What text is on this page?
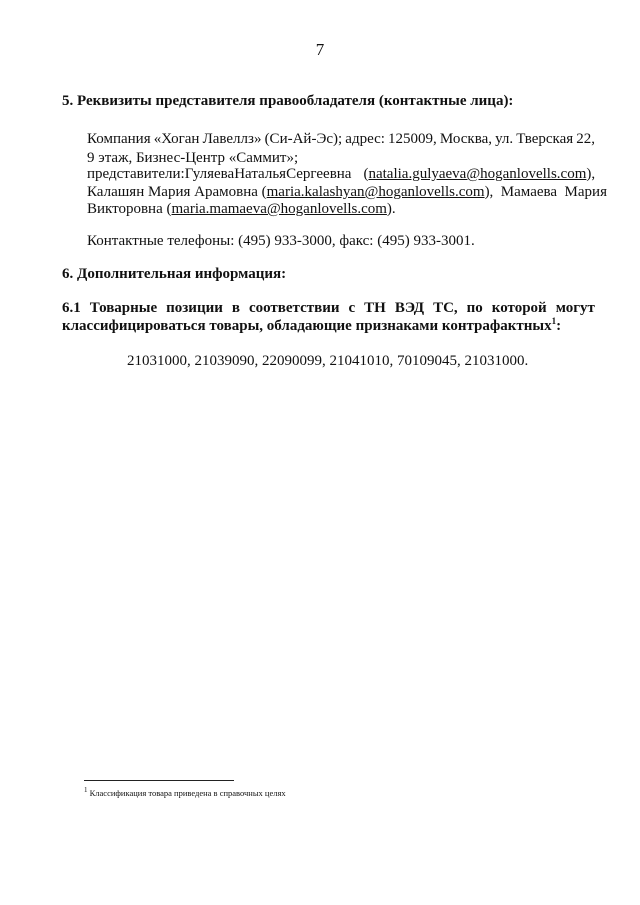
7
5. Реквизиты представителя правообладателя (контактные лица):
Компания «Хоган Лавеллз» (Си-Ай-Эс); адрес: 125009, Москва, ул. Тверская 22,
9 этаж, Бизнес-Центр «Саммит»;
представители: Гуляева Наталья Сергеевна (natalia.gulyaeva@hoganlovells.com),
Калашян Мария Арамовна (maria.kalashyan@hoganlovells.com ),  Мамаева  Мария
Викторовна (maria.mamaeva@hoganlovells.com).
Контактные телефоны: (495) 933-3000, факс: (495) 933-3001.
6. Дополнительная информация:
6.1 Товарные позиции в соответствии с ТН ВЭД ТС, по которой могут
классифицироваться товары, обладающие признаками контрафактных$^1$:
21031000, 21039090, 22090099, 21041010, 70109045, 21031000.
$^1$ Классификация товара приведена в справочных целях
